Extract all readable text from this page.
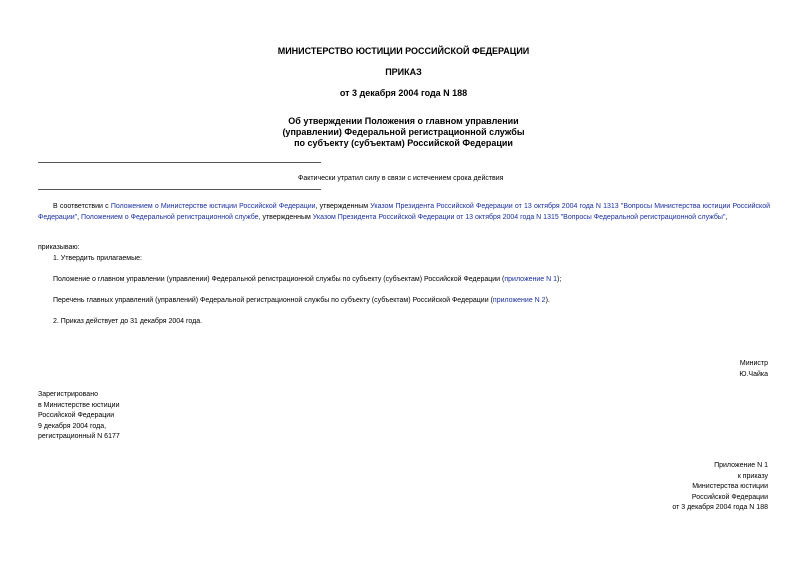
МИНИСТЕРСТВО ЮСТИЦИИ РОССИЙСКОЙ ФЕДЕРАЦИИ
ПРИКАЗ
от 3 декабря 2004 года N 188
Об утверждении Положения о главном управлении
(управлении) Федеральной регистрационной службы
по субъекту (субъектам) Российской Федерации
Фактически утратил силу в связи с истечением срока действия
В соответствии с Положением о Министерстве юстиции Российской Федерации, утвержденным Указом Президента Российской Федерации от 13 октября 2004 года N 1313 "Вопросы Министерства юстиции Российской Федерации", Положением о Федеральной регистрационной службе, утвержденным Указом Президента Российской Федерации от 13 октября 2004 года N 1315 "Вопросы Федеральной регистрационной службы",
приказываю:
1. Утвердить прилагаемые:
Положение о главном управлении (управлении) Федеральной регистрационной службы по субъекту (субъектам) Российской Федерации (приложение N 1);
Перечень главных управлений (управлений) Федеральной регистрационной службы по субъекту (субъектам) Российской Федерации (приложение N 2).
2. Приказ действует до 31 декабря 2004 года.
Министр
Ю.Чайка
Зарегистрировано
в Министерстве юстиции
Российской Федерации
9 декабря 2004 года,
регистрационный N 6177
Приложение N 1
к приказу
Министерства юстиции
Российской Федерации
от 3 декабря 2004 года N 188
